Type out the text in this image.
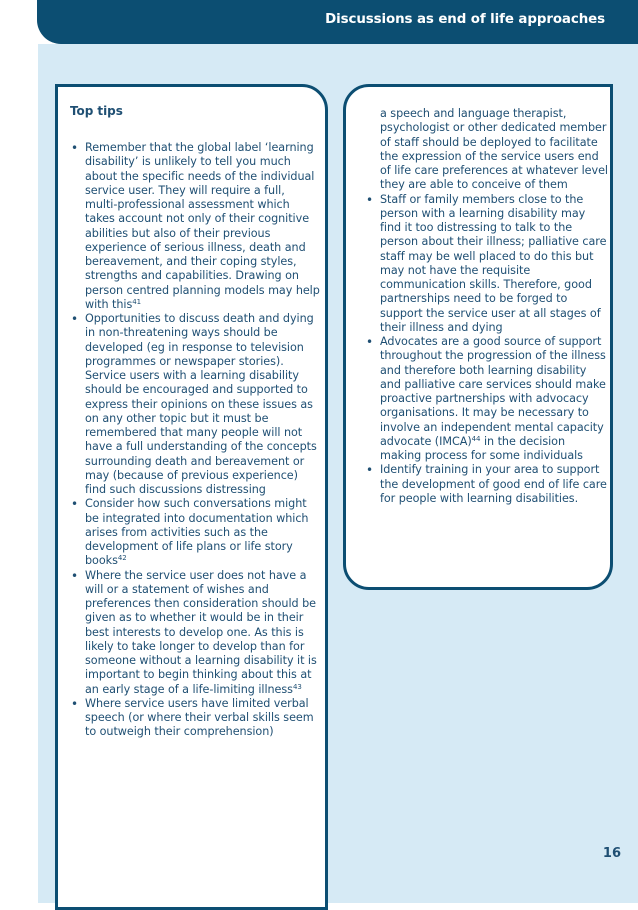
Discussions as end of life approaches
Top tips
• Remember that the global label ‘learning disability’ is unlikely to tell you much about the specific needs of the individual service user. They will require a full, multi-professional assessment which takes account not only of their cognitive abilities but also of their previous experience of serious illness, death and bereavement, and their coping styles, strengths and capabilities. Drawing on person centred planning models may help with this$^{41}$
• Opportunities to discuss death and dying in non-threatening ways should be developed (eg in response to television programmes or newspaper stories). Service users with a learning disability should be encouraged and supported to express their opinions on these issues as on any other topic but it must be remembered that many people will not have a full understanding of the concepts surrounding death and bereavement or may (because of previous experience) find such discussions distressing
• Consider how such conversations might be integrated into documentation which arises from activities such as the development of life plans or life story books$^{42}$
• Where the service user does not have a will or a statement of wishes and preferences then consideration should be given as to whether it would be in their best interests to develop one. As this is likely to take longer to develop than for someone without a learning disability it is important to begin thinking about this at an early stage of a life-limiting illness$^{43}$
• Where service users have limited verbal speech (or where their verbal skills seem to outweigh their comprehension)
a speech and language therapist, psychologist or other dedicated member of staff should be deployed to facilitate the expression of the service users end of life care preferences at whatever level they are able to conceive of them
• Staff or family members close to the person with a learning disability may find it too distressing to talk to the person about their illness; palliative care staff may be well placed to do this but may not have the requisite communication skills. Therefore, good partnerships need to be forged to support the service user at all stages of their illness and dying
• Advocates are a good source of support throughout the progression of the illness and therefore both learning disability and palliative care services should make proactive partnerships with advocacy organisations. It may be necessary to involve an independent mental capacity advocate (IMCA)$^{44}$ in the decision making process for some individuals
• Identify training in your area to support the development of good end of life care for people with learning disabilities.
16
